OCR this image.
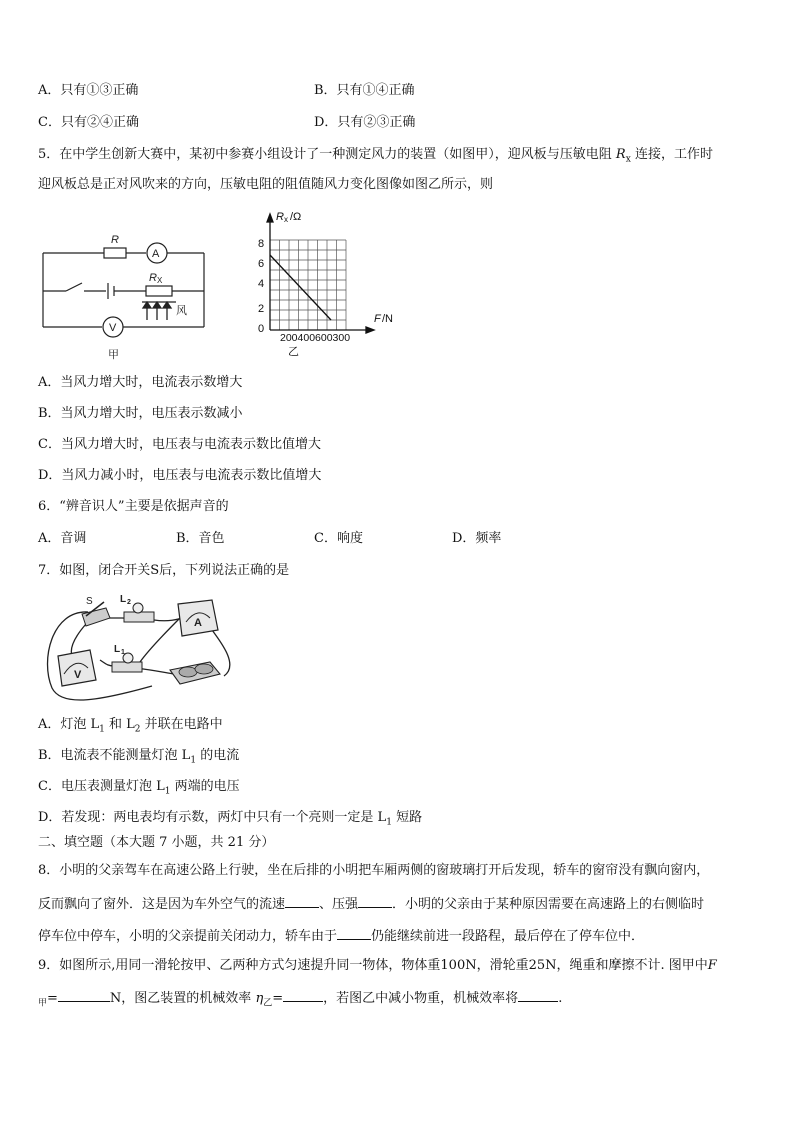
A．只有①③正确	B．只有①④正确
C．只有②④正确	D．只有②③正确
5．在中学生创新大赛中，某初中参赛小组设计了一种测定风力的装置（如图甲），迎风板与压敏电阻 $R_x$ 连接，工作时
迎风板总是正对风吹来的方向，压敏电阻的阻值随风力变化图像如图乙所示，则
R
A
R X
风
V
甲
R x /Ω
8
6
4
2
0
F /N
200400600300
乙
A．当风力增大时，电流表示数增大
B．当风力增大时，电压表示数减小
C．当风力增大时，电压表与电流表示数比值增大
D．当风力减小时，电压表与电流表示数比值增大
6．“辨音识人”主要是依据声音的
A．音调	B．音色	C．响度	D．频率
7．如图，闭合开关S后，下列说法正确的是
S	L 2
A
V
L 1
A．灯泡 $L_1$ 和 $L_2$ 并联在电路中
B．电流表不能测量灯泡 $L_1$ 的电流
C．电压表测量灯泡 $L_1$ 两端的电压
D．若发现：两电表均有示数，两灯中只有一个亮则一定是 $L_1$ 短路
二、填空题（本大题 7 小题，共 21 分）
8．小明的父亲驾车在高速公路上行驶，坐在后排的小明把车厢两侧的窗玻璃打开后发现，轿车的窗帘没有飘向窗内，
反而飘向了窗外．这是因为车外空气的流速	、压强	．小明的父亲由于某种原因需要在高速路上的右侧临时
停车位中停车，小明的父亲提前关闭动力，轿车由于	仍能继续前进一段路程，最后停在了停车位中．
9．如图所示,用同一滑轮按甲、乙两种方式匀速提升同一物体，物体重100N，滑轮重25N，绳重和摩擦不计. 图甲中F
$_甲$=	N，图乙装置的机械效率 $\eta_乙=$	，若图乙中减小物重，机械效率将	.
